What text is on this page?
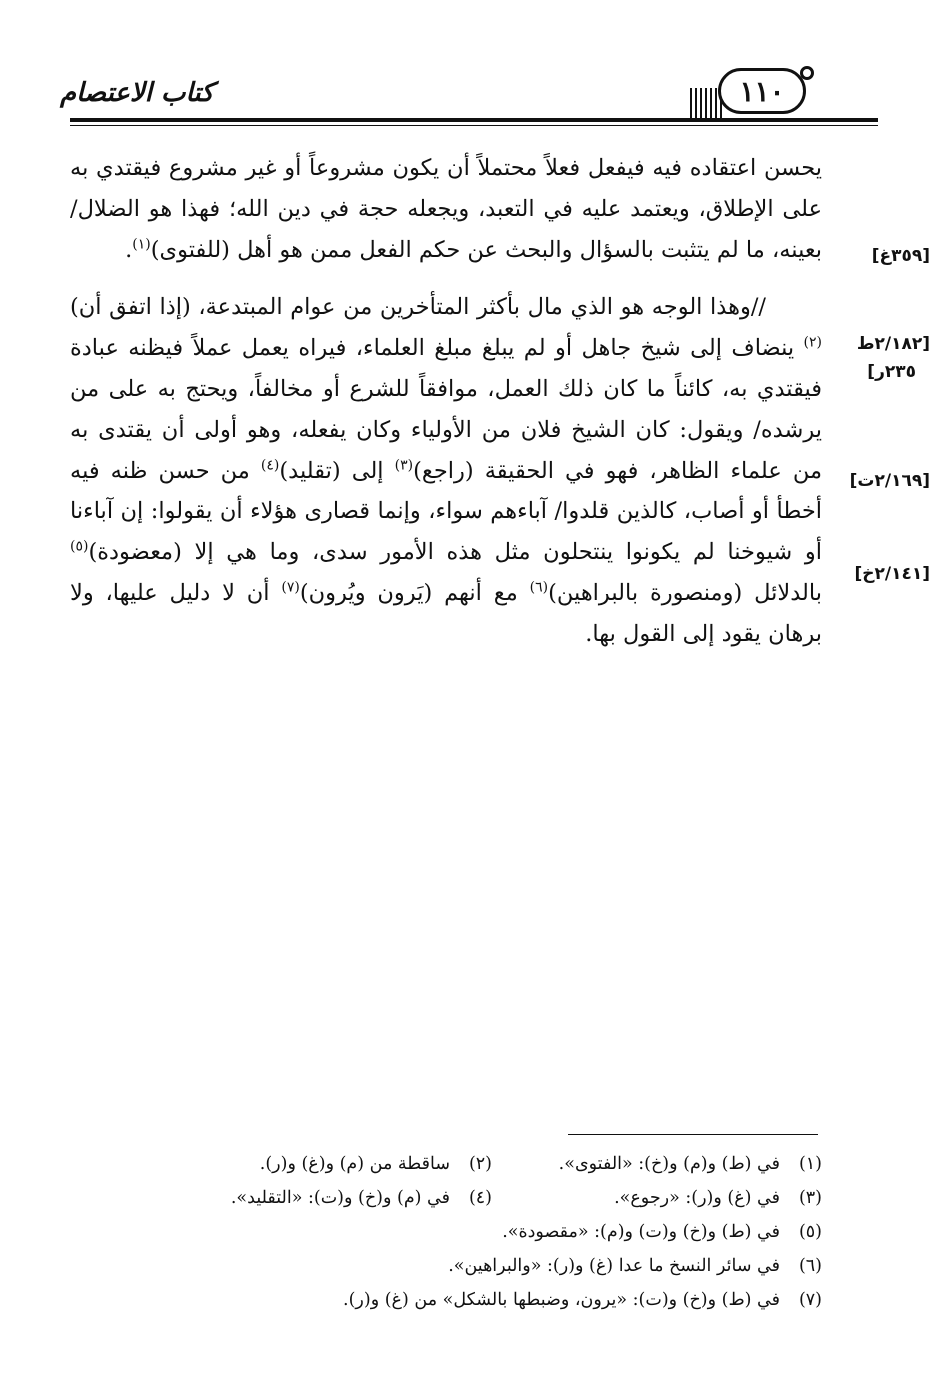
١١٠
كتاب الاعتصام

يحسن اعتقاده فيه فيفعل فعلاً محتملاً أن يكون مشروعاً أو غير مشروع فيقتدي به على الإطلاق، ويعتمد عليه في التعبد، ويجعله حجة في دين الله؛ فهذا هو الضلال/ بعينه، ما لم يتثبت بالسؤال والبحث عن حكم الفعل ممن هو أهل (للفتوى)$^{(١)}$.

//وهذا الوجه هو الذي مال بأكثر المتأخرين من عوام المبتدعة، (إذا اتفق أن)$^{(٢)}$ ينضاف إلى شيخ جاهل أو لم يبلغ مبلغ العلماء، فيراه يعمل عملاً فيظنه عبادة فيقتدي به، كائناً ما كان ذلك العمل، موافقاً للشرع أو مخالفاً، ويحتج به على من يرشده/ ويقول: كان الشيخ فلان من الأولياء وكان يفعله، وهو أولى أن يقتدى به من علماء الظاهر، فهو في الحقيقة (راجع)$^{(٣)}$ إلى (تقليد)$^{(٤)}$ من حسن ظنه فيه أخطأ أو أصاب، كالذين قلدوا/ آباءهم سواء، وإنما قصارى هؤلاء أن يقولوا: إن آباءنا أو شيوخنا لم يكونوا ينتحلون مثل هذه الأمور سدى، وما هي إلا (معضودة)$^{(٥)}$ بالدلائل (ومنصورة بالبراهين)$^{(٦)}$ مع أنهم (يَرون ويُرون)$^{(٧)}$ أن لا دليل عليها، ولا برهان يقود إلى القول بها.

[٣٥٩غ]
[٢/١٨٢ط
٢٣٥ر]
[٢/١٦٩ت]
[٢/١٤١خ]
(١)في (ط) و(م) و(خ): «الفتوى».
(٢)ساقطة من (م) و(غ) و(ر).
(٣)في (غ) و(ر): «رجوع».
(٤)في (م) و(خ) و(ت): «التقليد».
(٥)في (ط) و(خ) و(ت) و(م): «مقصودة».
(٦)في سائر النسخ ما عدا (غ) و(ر): «والبراهين».
(٧)في (ط) و(خ) و(ت): «يرون، وضبطها بالشكل» من (غ) و(ر).
